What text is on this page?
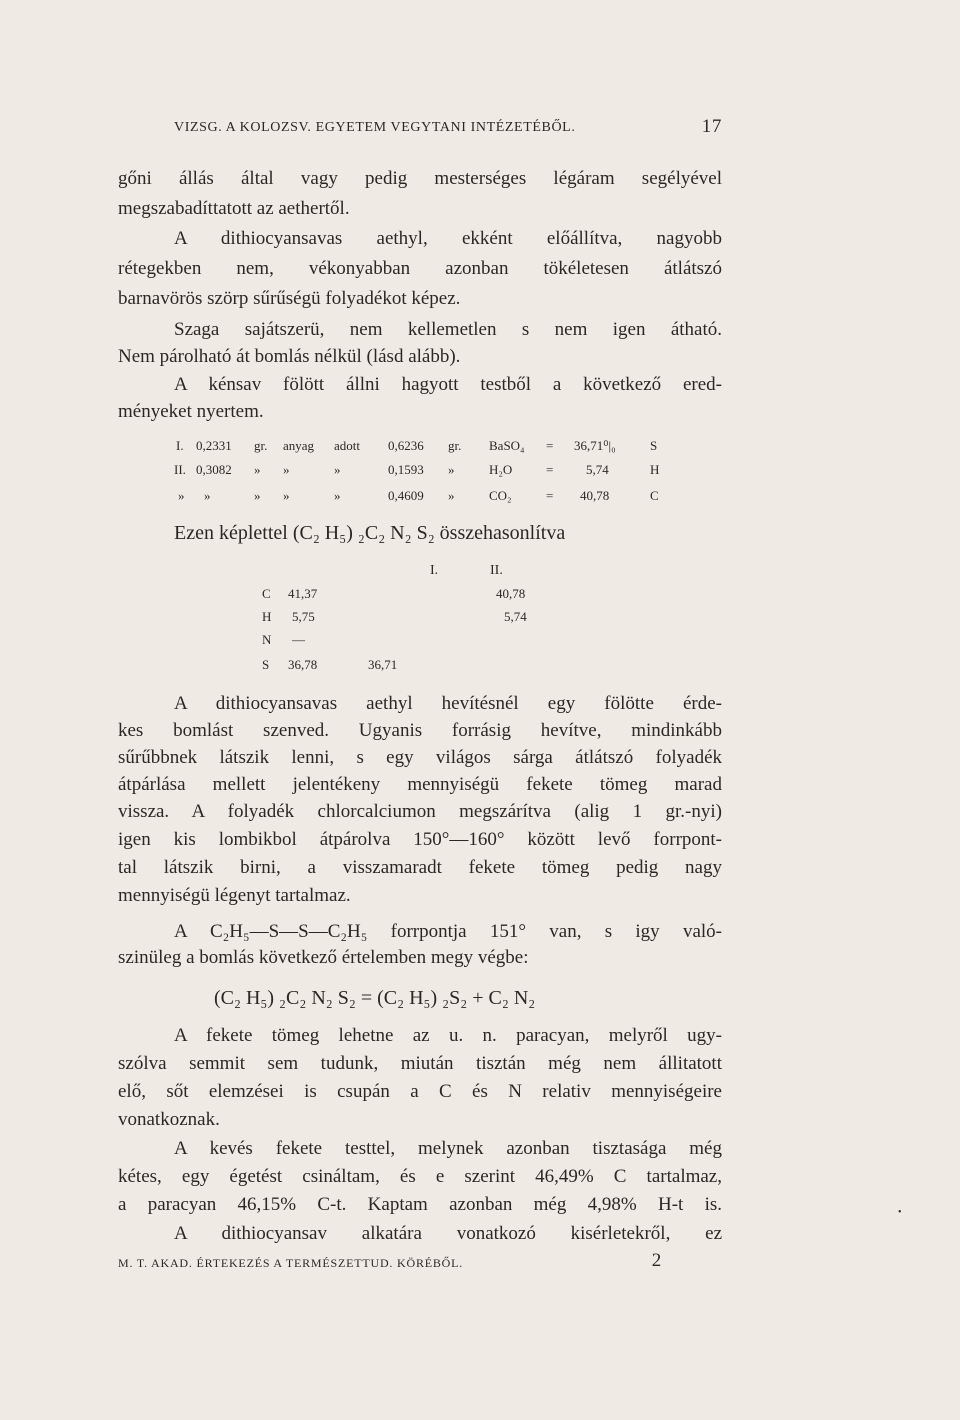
VIZSG. A KOLOZSV. EGYETEM VEGYTANI INTÉZETÉBŐL.	17
gőni állás által vagy pedig mesterséges légáram segélyével
megszabadíttatott az aethertől.
A dithiocyansavas aethyl, ekként előállítva, nagyobb
rétegekben nem, vékonyabban azonban tökéletesen átlátszó
barnavörös szörp sűrűségü folyadékot képez.
Szaga sajátszerü, nem kellemetlen s nem igen átható.
Nem párolható át bomlás nélkül (lásd alább).
A kénsav fölött állni hagyott testből a következő ered-
ményeket nyertem.
I. 0,2331 gr. anyag adott 0,6236 gr. BaSO₄ = 36,71⁰|₀	S
II. 0,3082 » »	»	0,1593 »	H₂O	=	5,74	H
» »	» »	»	0,4609 »	CO₂	= 40,78	C
Ezen képlettel (C₂ H₅) ₂C₂ N₂ S₂ összehasonlítva
I.	II.
C 41,37	40,78
H 5,75	5,74
N —
S 36,78	36,71
A dithiocyansavas aethyl hevítésnél egy fölötte érde-
kes bomlást szenved. Ugyanis forrásig hevítve, mindinkább
sűrűbbnek látszik lenni, s egy világos sárga átlátszó folyadék
átpárlása mellett jelentékeny mennyiségü fekete tömeg marad
vissza. A folyadék chlorcalciumon megszárítva (alig 1 gr.-nyi)
igen kis lombikbol átpárolva 150°—160° között levő forrpont-
tal látszik birni, a visszamaradt fekete tömeg pedig nagy
mennyiségü légenyt tartalmaz.
A C₂H₅—S—S—C₂H₅ forrpontja 151° van, s igy való-
szinüleg a bomlás következő értelemben megy végbe:
(C₂ H₅) ₂C₂ N₂ S₂ = (C₂ H₅) ₂S₂ + C₂ N₂
A fekete tömeg lehetne az u. n. paracyan, melyről ugy-
szólva semmit sem tudunk, miután tisztán még nem állitatott
elő, sőt elemzései is csupán a C és N relativ mennyiségeire
vonatkoznak.
A kevés fekete testtel, melynek azonban tisztasága még
kétes, egy égetést csináltam, és e szerint 46,49% C tartalmaz,
a paracyan 46,15% C-t. Kaptam azonban még 4,98% H-t is.
A dithiocyansav alkatára vonatkozó kisérletekről, ez
•
M. T. AKAD. ÉRTEKEZÉS A TERMÉSZETTUD. KÖRÉBŐL.	2
